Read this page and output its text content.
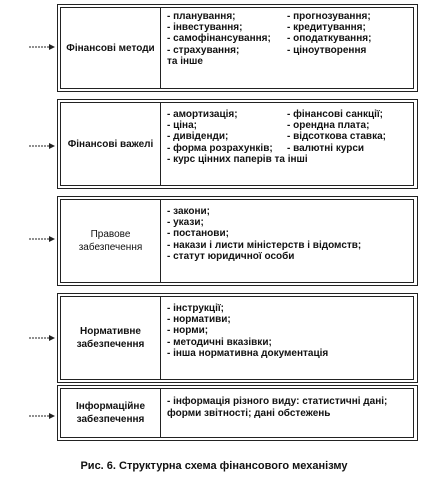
Фінансові методи
- планування;	- прогнозування;
- інвестування;	- кредитування;
- самофінансування;	- оподаткування;
- страхування;	- ціноутворення
та інше
Фінансові важелі
- амортизація;	- фінансові санкції;
- ціна;	- орендна плата;
- дивіденди;	- відсоткова ставка;
- форма розрахунків;	- валютні курси
- курс цінних паперів та інші
Правове забезпечення
- закони;
- укази;
- постанови;
- накази і листи міністерств і відомств;
- статут юридичної особи
Нормативне забезпечення
- інструкції;
- нормативи;
- норми;
- методичні вказівки;
- інша нормативна документація
Інформаційне забезпечення
- інформація різного виду: статистичні дані;
форми звітності; дані обстежень
Рис. 6. Структурна схема фінансового механізму
